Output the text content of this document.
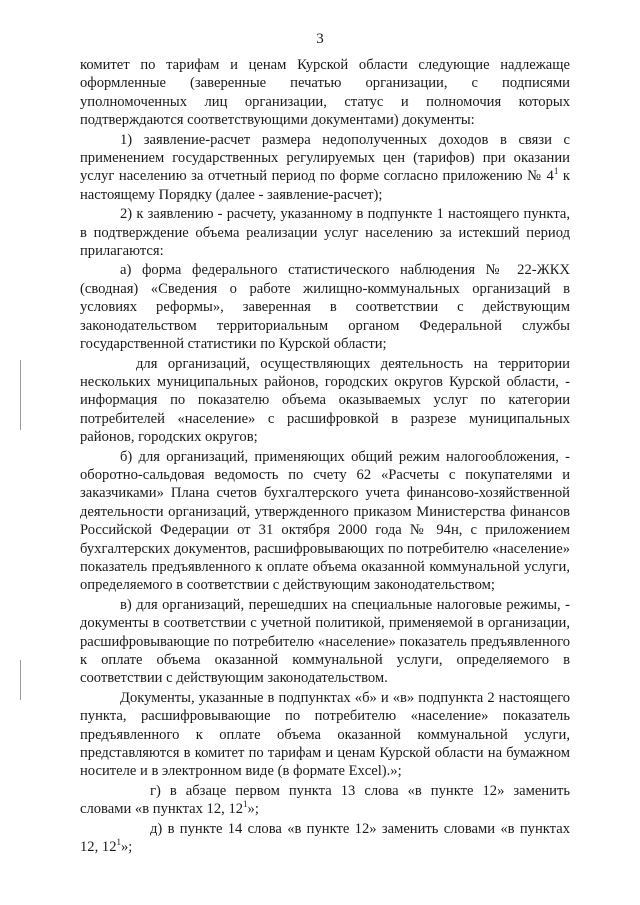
3

комитет по тарифам и ценам Курской области следующие надлежаще оформленные (заверенные печатью организации, с подписями уполномоченных лиц организации, статус и полномочия которых подтверждаются соответствующими документами) документы:

1) заявление-расчет размера недополученных доходов в связи с применением государственных регулируемых цен (тарифов) при оказании услуг населению за отчетный период по форме согласно приложению № $4^1$ к настоящему Порядку (далее - заявление-расчет);

2) к заявлению - расчету, указанному в подпункте 1 настоящего пункта, в подтверждение объема реализации услуг населению за истекший период прилагаются:

а) форма федерального статистического наблюдения № 22-ЖКХ (сводная) «Сведения о работе жилищно-коммунальных организаций в условиях реформы», заверенная в соответствии с действующим законодательством территориальным органом Федеральной службы государственной статистики по Курской области;

для организаций, осуществляющих деятельность на территории нескольких муниципальных районов, городских округов Курской области, - информация по показателю объема оказываемых услуг по категории потребителей «население» с расшифровкой в разрезе муниципальных районов, городских округов;

б) для организаций, применяющих общий режим налогообложения, - оборотно-сальдовая ведомость по счету 62 «Расчеты с покупателями и заказчиками» Плана счетов бухгалтерского учета финансово-хозяйственной деятельности организаций, утвержденного приказом Министерства финансов Российской Федерации от 31 октября 2000 года № 94н, с приложением бухгалтерских документов, расшифровывающих по потребителю «население» показатель предъявленного к оплате объема оказанной коммунальной услуги, определяемого в соответствии с действующим законодательством;

в) для организаций, перешедших на специальные налоговые режимы, - документы в соответствии с учетной политикой, применяемой в организации, расшифровывающие по потребителю «население» показатель предъявленного к оплате объема оказанной коммунальной услуги, определяемого в соответствии с действующим законодательством.

Документы, указанные в подпунктах «б» и «в» подпункта 2 настоящего пункта, расшифровывающие по потребителю «население» показатель предъявленного к оплате объема оказанной коммунальной услуги, представляются в комитет по тарифам и ценам Курской области на бумажном носителе и в электронном виде (в формате Excel).»;

г) в абзаце первом пункта 13 слова «в пункте 12» заменить словами «в пунктах 12, $12^1$»;

д) в пункте 14 слова «в пункте 12» заменить словами «в пунктах 12, $12^1$»;
